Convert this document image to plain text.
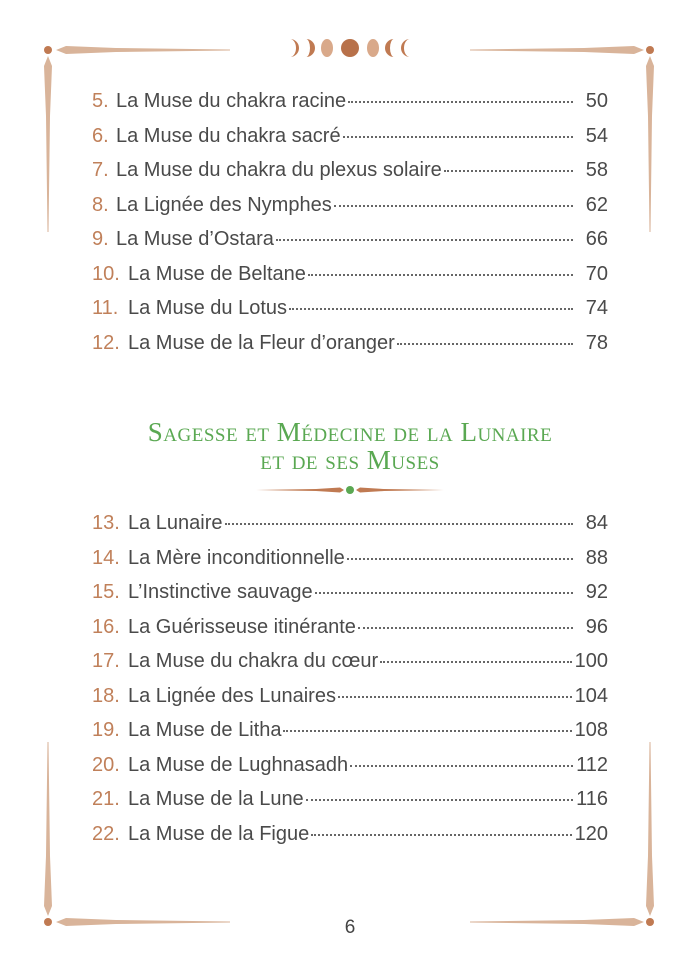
5. La Muse du chakra racine	50
6. La Muse du chakra sacré	54
7. La Muse du chakra du plexus solaire	58
8. La Lignée des Nymphes	62
9. La Muse d’Ostara	66
10. La Muse de Beltane	70
11. La Muse du Lotus	74
12. La Muse de la Fleur d’oranger	78
Sagesse et Médecine de la Lunaire
et de ses Muses
13. La Lunaire	84
14. La Mère inconditionnelle	88
15. L’Instinctive sauvage	92
16. La Guérisseuse itinérante	96
17. La Muse du chakra du cœur	100
18. La Lignée des Lunaires	104
19. La Muse de Litha	108
20. La Muse de Lughnasadh	112
21. La Muse de la Lune	116
22. La Muse de la Figue	120
6
